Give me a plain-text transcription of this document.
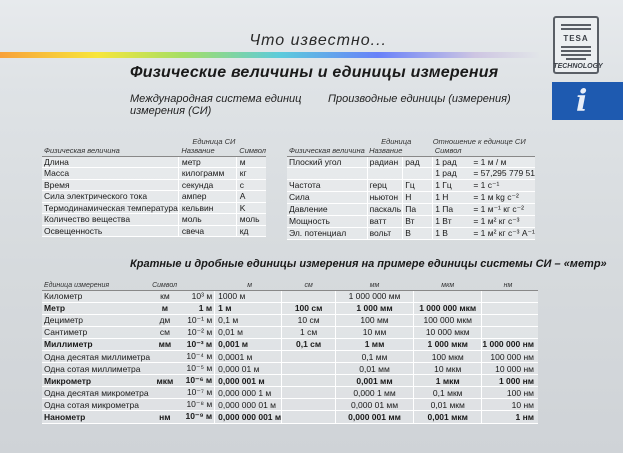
Что известно...	TESA
TECHNOLOGY
i
Физические величины и единицы измерения
Международная система единиц измерения (СИ)
Производные единицы (измерения)
	Единица СИ	
Физическая величина	Название	Символ
Длина	метр	м
Масса	килограмм	кг
Время	секунда	с
Сила электрического тока	ампер	A
Термодинамическая температура	кельвин	K
Количество вещества	моль	моль
Освещенность	свеча	кд
	Единица		Отношение к единице СИ	
Физическая величина	Название		Символ	
Плоский угол	радиан	рад	1 рад	= 1 м / м
			1 рад	= 57,295 779 51
Частота	герц	Гц	1 Гц	= 1 с⁻¹
Сила	ньютон	Н	1 Н	= 1 м kg с⁻²
Давление	паскаль	Па	1 Па	= 1 м⁻¹ кг с⁻²
Мощность	ватт	Вт	1 Вт	= 1 м² кг с⁻³
Эл. потенциал	вольт	В	1 В	= 1 м² кг с⁻³ A⁻¹
Кратные и дробные единицы измерения на примере единицы системы СИ – «метр»
Единица измерения	Символ		м	см	мм	мкм	нм
Километр	км	10³ м	1000 м		1 000 000 мм		
Метр	м	1 м	1 м	100 см	1 000 мм	1 000 000 мкм	
Дециметр	дм	10⁻¹ м	0,1 м	10 см	100 мм	100 000 мкм	
Сантиметр	см	10⁻² м	0,01 м	1 см	10 мм	10 000 мкм	
Миллиметр	мм	10⁻³ м	0,001 м	0,1 см	1 мм	1 000 мкм	1 000 000 нм
Одна десятая миллиметра		10⁻⁴ м	0,0001 м		0,1 мм	100 мкм	100 000 нм
Одна сотая миллиметра		10⁻⁵ м	0,000 01 м		0,01 мм	10 мкм	10 000 нм
Микрометр	мкм	10⁻⁶ м	0,000 001 м		0,001 мм	1 мкм	1 000 нм
Одна десятая микрометра		10⁻⁷ м	0,000 000 1 м		0,000 1 мм	0,1 мкм	100 нм
Одна сотая микрометра		10⁻⁸ м	0,000 000 01 м		0,000 01 мм	0,01 мкм	10 нм
Нанометр	нм	10⁻⁹ м	0,000 000 001 м		0,000 001 мм	0,001 мкм	1 нм
